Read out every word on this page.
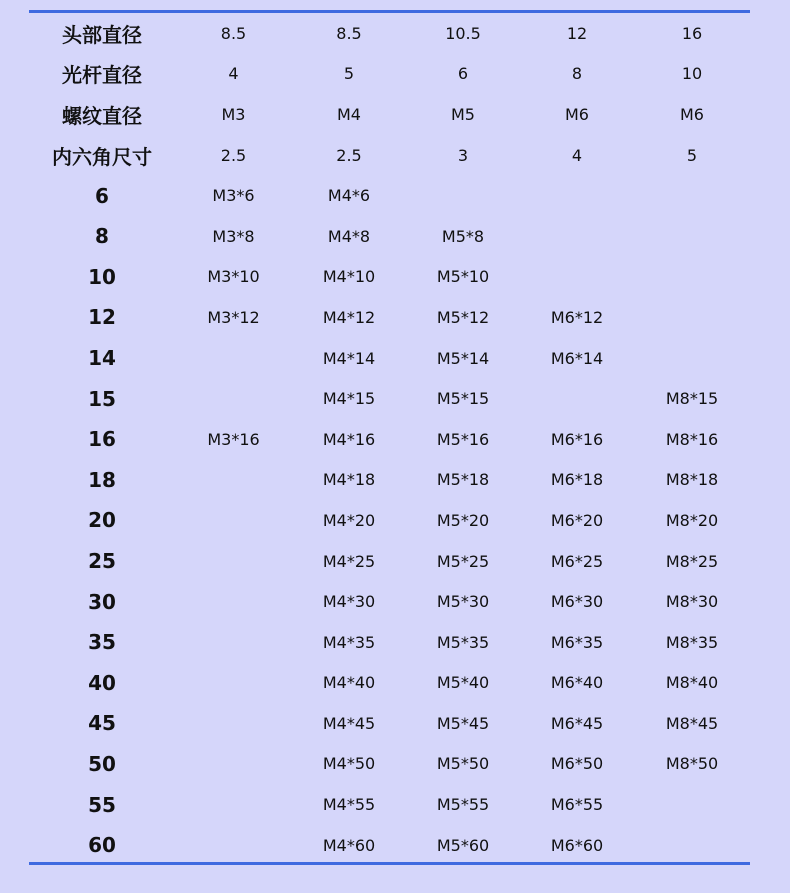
头部直径	8.5	8.5	10.5	12	16
光杆直径	4	5	6	8	10
螺纹直径	M3	M4	M5	M6	M6
内六角尺寸	2.5	2.5	3	4	5
6	M3*6	M4*6			
8	M3*8	M4*8	M5*8		
10	M3*10	M4*10	M5*10		
12	M3*12	M4*12	M5*12	M6*12	
14		M4*14	M5*14	M6*14	
15		M4*15	M5*15		M8*15
16	M3*16	M4*16	M5*16	M6*16	M8*16
18		M4*18	M5*18	M6*18	M8*18
20		M4*20	M5*20	M6*20	M8*20
25		M4*25	M5*25	M6*25	M8*25
30		M4*30	M5*30	M6*30	M8*30
35		M4*35	M5*35	M6*35	M8*35
40		M4*40	M5*40	M6*40	M8*40
45		M4*45	M5*45	M6*45	M8*45
50		M4*50	M5*50	M6*50	M8*50
55		M4*55	M5*55	M6*55	
60		M4*60	M5*60	M6*60	
